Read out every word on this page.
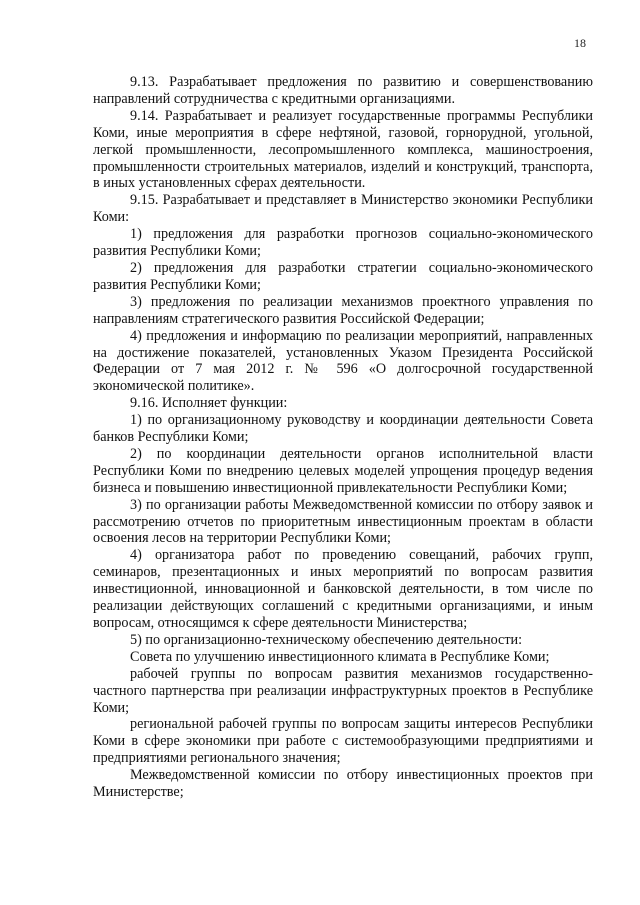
18

9.13. Разрабатывает предложения по развитию и совершенствованию направлений сотрудничества с кредитными организациями.

9.14. Разрабатывает и реализует государственные программы Республики Коми, иные мероприятия в сфере нефтяной, газовой, горнорудной, угольной, легкой промышленности, лесопромышленного комплекса, машиностроения, промышленности строительных материалов, изделий и конструкций, транспорта, в иных установленных сферах деятельности.

9.15. Разрабатывает и представляет в Министерство экономики Республики Коми:

1) предложения для разработки прогнозов социально-экономического развития Республики Коми;

2) предложения для разработки стратегии социально-экономического развития Республики Коми;

3) предложения по реализации механизмов проектного управления по направлениям стратегического развития Российской Федерации;

4) предложения и информацию по реализации мероприятий, направленных на достижение показателей, установленных Указом Президента Российской Федерации от 7 мая 2012 г. № 596 «О долгосрочной государственной экономической политике».

9.16. Исполняет функции:

1) по организационному руководству и координации деятельности Совета банков Республики Коми;

2) по координации деятельности органов исполнительной власти Республики Коми по внедрению целевых моделей упрощения процедур ведения бизнеса и повышению инвестиционной привлекательности Республики Коми;

3) по организации работы Межведомственной комиссии по отбору заявок и рассмотрению отчетов по приоритетным инвестиционным проектам в области освоения лесов на территории Республики Коми;

4) организатора работ по проведению совещаний, рабочих групп, семинаров, презентационных и иных мероприятий по вопросам развития инвестиционной, инновационной и банковской деятельности, в том числе по реализации действующих соглашений с кредитными организациями, и иным вопросам, относящимся к сфере деятельности Министерства;

5) по организационно-техническому обеспечению деятельности:

Совета по улучшению инвестиционного климата в Республике Коми;

рабочей группы по вопросам развития механизмов государственно-частного партнерства при реализации инфраструктурных проектов в Республике Коми;

региональной рабочей группы по вопросам защиты интересов Республики Коми в сфере экономики при работе с системообразующими предприятиями и предприятиями регионального значения;

Межведомственной комиссии по отбору инвестиционных проектов при Министерстве;
